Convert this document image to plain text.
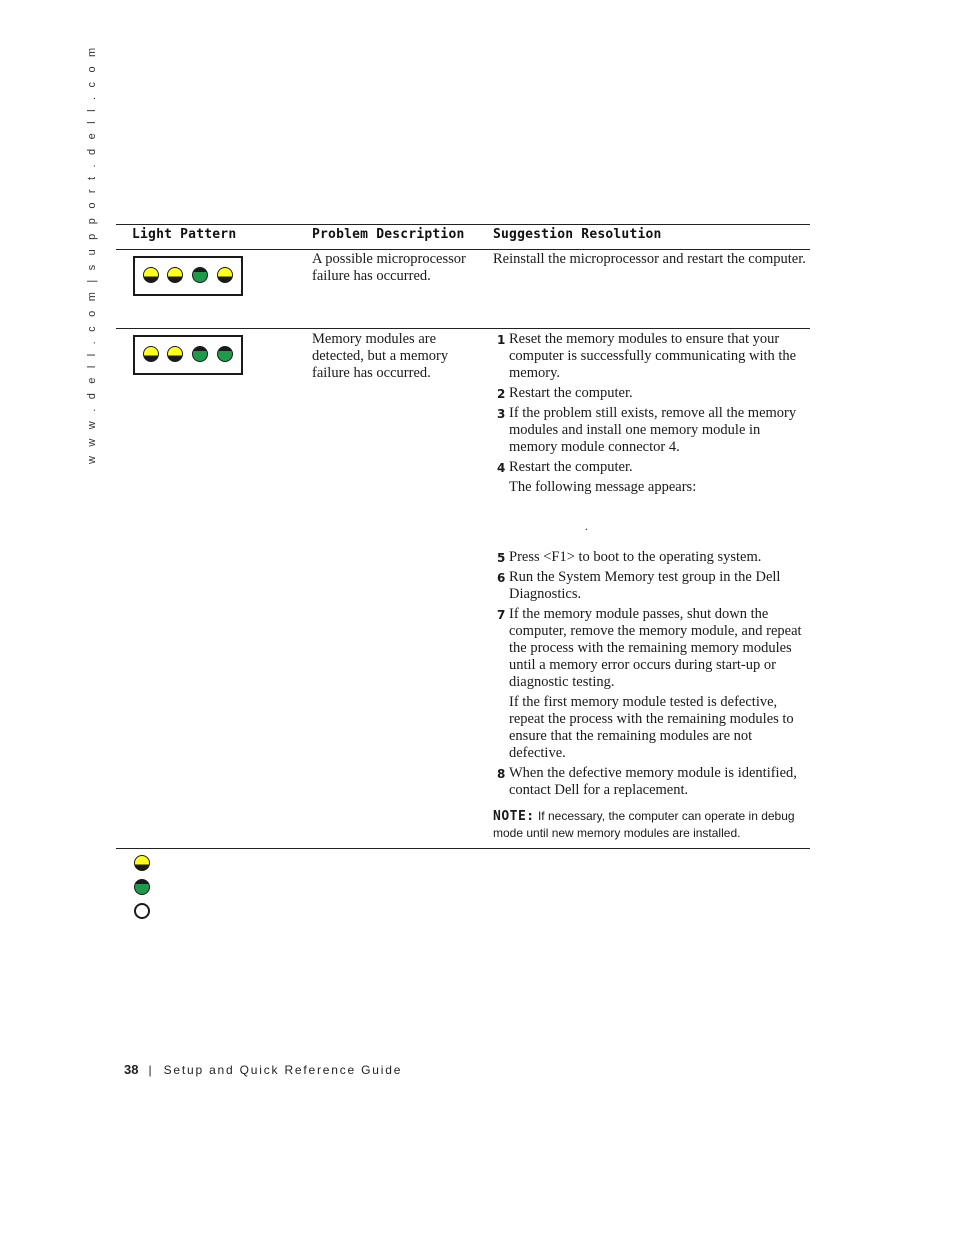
w w w . d e l l . c o m | s u p p o r t . d e l l . c o m	Light Pattern	Problem Description Suggestion Resolution
A possible microprocessor failure has occurred.
Reinstall the microprocessor and restart the computer.
Memory modules are detected, but a memory failure has occurred.
1 Reset the memory modules to ensure that your computer is successfully communicating with the memory.
2 Restart the computer.
3 If the problem still exists, remove all the memory modules and install one memory module in memory module connector 4.
4 Restart the computer.
The following message appears:
.
5 Press <F1> to boot to the operating system.
6 Run the System Memory test group in the Dell Diagnostics.
7 If the memory module passes, shut down the computer, remove the memory module, and repeat the process with the remaining memory modules until a memory error occurs during start-up or diagnostic testing.
If the first memory module tested is defective, repeat the process with the remaining modules to ensure that the remaining modules are not defective.
8 When the defective memory module is identified, contact Dell for a replacement.
NOTE: If necessary, the computer can operate in debug mode until new memory modules are installed.
38 | Setup and Quick Reference Guide
